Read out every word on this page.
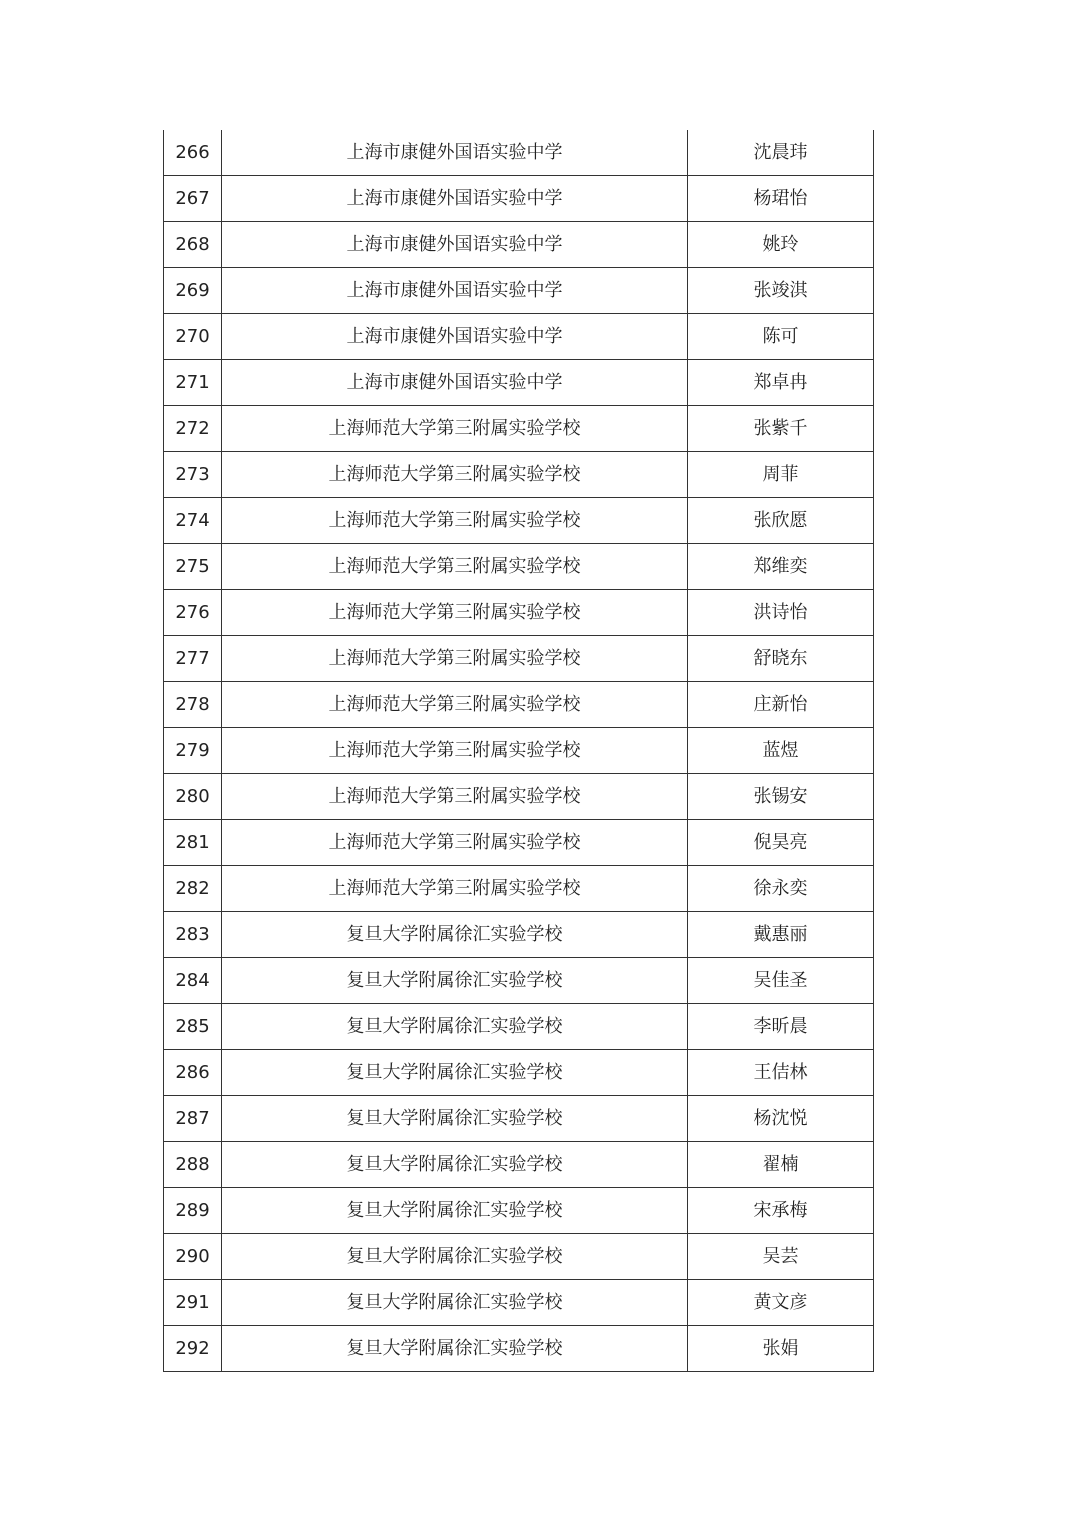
266	上海市康健外国语实验中学	沈晨玮
267	上海市康健外国语实验中学	杨珺怡
268	上海市康健外国语实验中学	姚玲
269	上海市康健外国语实验中学	张竣淇
270	上海市康健外国语实验中学	陈可
271	上海市康健外国语实验中学	郑卓冉
272	上海师范大学第三附属实验学校	张紫千
273	上海师范大学第三附属实验学校	周菲
274	上海师范大学第三附属实验学校	张欣愿
275	上海师范大学第三附属实验学校	郑维奕
276	上海师范大学第三附属实验学校	洪诗怡
277	上海师范大学第三附属实验学校	舒晓东
278	上海师范大学第三附属实验学校	庄新怡
279	上海师范大学第三附属实验学校	蓝煜
280	上海师范大学第三附属实验学校	张锡安
281	上海师范大学第三附属实验学校	倪昊亮
282	上海师范大学第三附属实验学校	徐永奕
283	复旦大学附属徐汇实验学校	戴惠丽
284	复旦大学附属徐汇实验学校	吴佳圣
285	复旦大学附属徐汇实验学校	李昕晨
286	复旦大学附属徐汇实验学校	王佶林
287	复旦大学附属徐汇实验学校	杨沈悦
288	复旦大学附属徐汇实验学校	翟楠
289	复旦大学附属徐汇实验学校	宋承梅
290	复旦大学附属徐汇实验学校	吴芸
291	复旦大学附属徐汇实验学校	黄文彦
292	复旦大学附属徐汇实验学校	张娟
